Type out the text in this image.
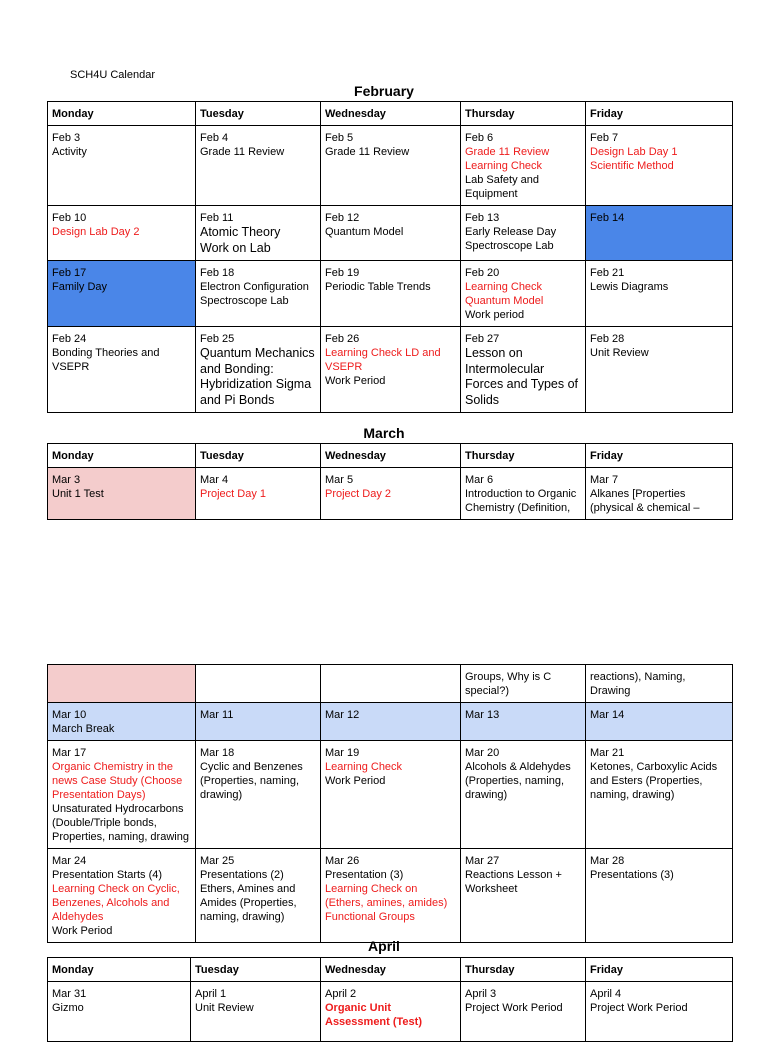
SCH4U Calendar
February
Monday	Tuesday	Wednesday	Thursday	Friday

Feb 3
Activity	Feb 4
Grade 11 Review	Feb 5
Grade 11 Review	Feb 6
Grade 11 Review
Learning Check
Lab Safety and Equipment	Feb 7
Design Lab Day 1
Scientific Method

Feb 10
Design Lab Day 2	Feb 11
Atomic Theory
Work on Lab	Feb 12
Quantum Model	Feb 13
Early Release Day
Spectroscope Lab	Feb 14

Feb 17
Family Day	Feb 18
Electron Configuration
Spectroscope Lab	Feb 19
Periodic Table Trends	Feb 20
Learning Check
Quantum Model
Work period	Feb 21
Lewis Diagrams

Feb 24
Bonding Theories and VSEPR	Feb 25
Quantum Mechanics and Bonding: Hybridization Sigma and Pi Bonds	Feb 26
Learning Check LD and VSEPR
Work Period	Feb 27
Lesson on Intermolecular Forces and Types of Solids	Feb 28
Unit Review
March
Monday	Tuesday	Wednesday	Thursday	Friday

Mar 3
Unit 1 Test	Mar 4
Project Day 1	Mar 5
Project Day 2	Mar 6
Introduction to Organic Chemistry (Definition,	Mar 7
Alkanes [Properties (physical & chemical –

			Groups, Why is C special?)	reactions), Naming, Drawing

Mar 10
March Break	Mar 11	Mar 12	Mar 13	Mar 14

Mar 17
Organic Chemistry in the news Case Study (Choose Presentation Days)
Unsaturated Hydrocarbons (Double/Triple bonds, Properties, naming, drawing	Mar 18
Cyclic and Benzenes (Properties, naming, drawing)	Mar 19
Learning Check
Work Period	Mar 20
Alcohols & Aldehydes (Properties, naming, drawing)	Mar 21
Ketones, Carboxylic Acids and Esters (Properties, naming, drawing)

Mar 24
Presentation Starts (4)
Learning Check on Cyclic, Benzenes, Alcohols and Aldehydes
Work Period	Mar 25
Presentations (2)
Ethers, Amines and Amides (Properties, naming, drawing)	Mar 26
Presentation (3)
Learning Check on (Ethers, amines, amides)
Functional Groups	Mar 27
Reactions Lesson + Worksheet	Mar 28
Presentations (3)
April
Monday	Tuesday	Wednesday	Thursday	Friday

Mar 31
Gizmo	April 1
Unit Review	April 2
Organic Unit Assessment (Test)	April 3
Project Work Period	April 4
Project Work Period
